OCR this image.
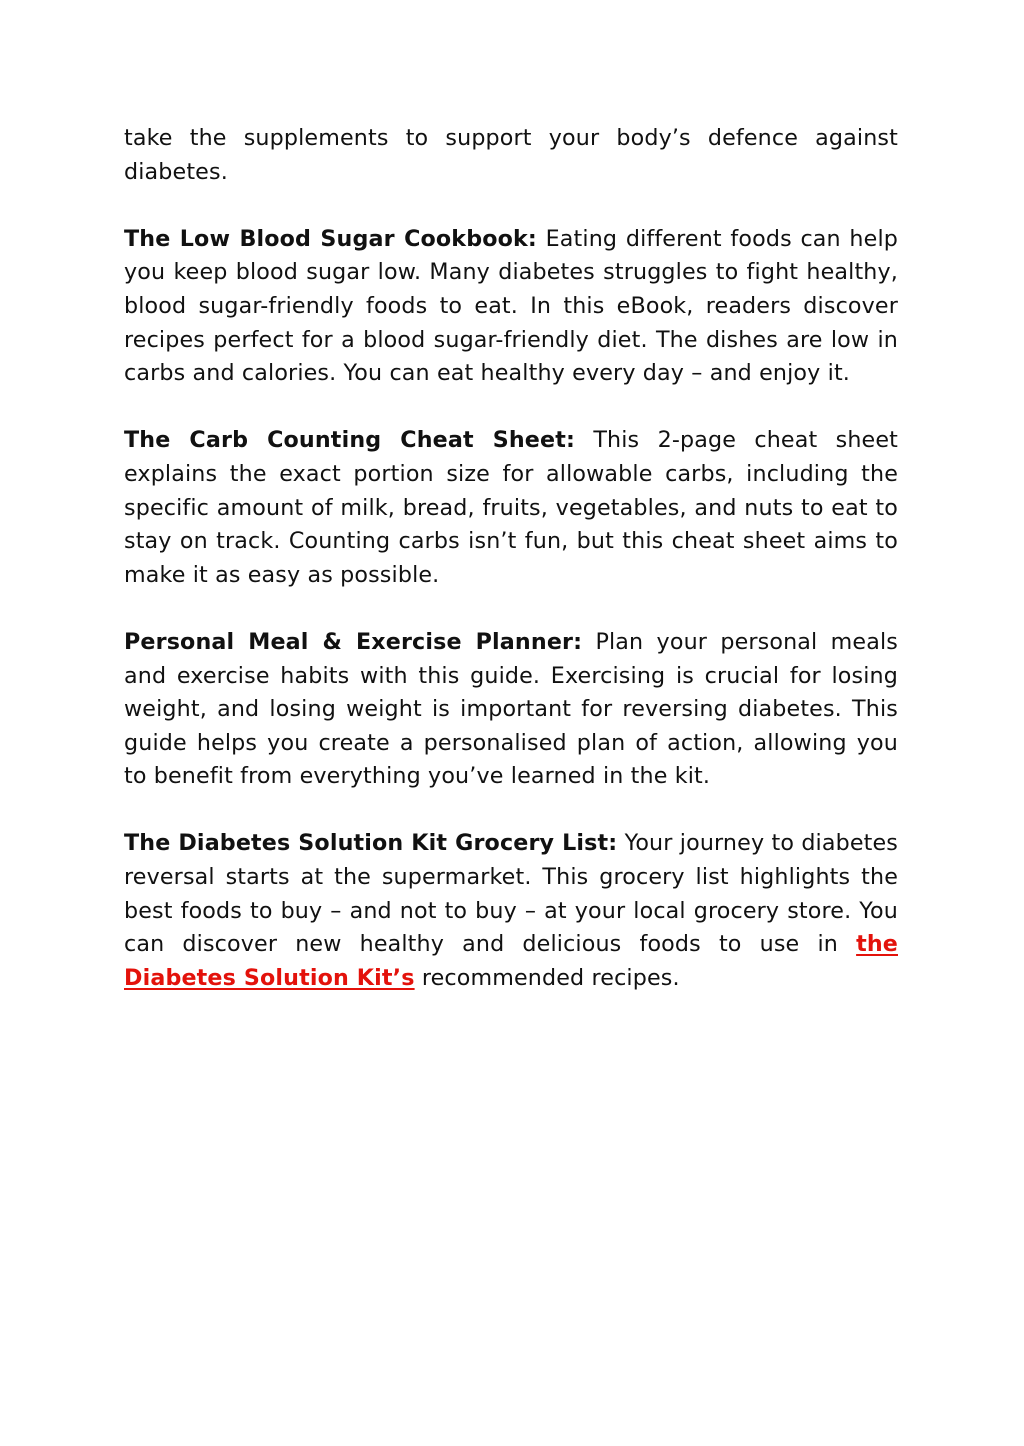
take the supplements to support your body’s defence against diabetes.

The Low Blood Sugar Cookbook: Eating different foods can help you keep blood sugar low. Many diabetes struggles to fight healthy, blood sugar-friendly foods to eat. In this eBook, readers discover recipes perfect for a blood sugar-friendly diet. The dishes are low in carbs and calories. You can eat healthy every day – and enjoy it.

The Carb Counting Cheat Sheet: This 2-page cheat sheet explains the exact portion size for allowable carbs, including the specific amount of milk, bread, fruits, vegetables, and nuts to eat to stay on track. Counting carbs isn’t fun, but this cheat sheet aims to make it as easy as possible.

Personal Meal & Exercise Planner: Plan your personal meals and exercise habits with this guide. Exercising is crucial for losing weight, and losing weight is important for reversing diabetes. This guide helps you create a personalised plan of action, allowing you to benefit from everything you’ve learned in the kit.

The Diabetes Solution Kit Grocery List: Your journey to diabetes reversal starts at the supermarket. This grocery list highlights the best foods to buy – and not to buy – at your local grocery store. You can discover new healthy and delicious foods to use in the Diabetes Solution Kit’s recommended recipes.
